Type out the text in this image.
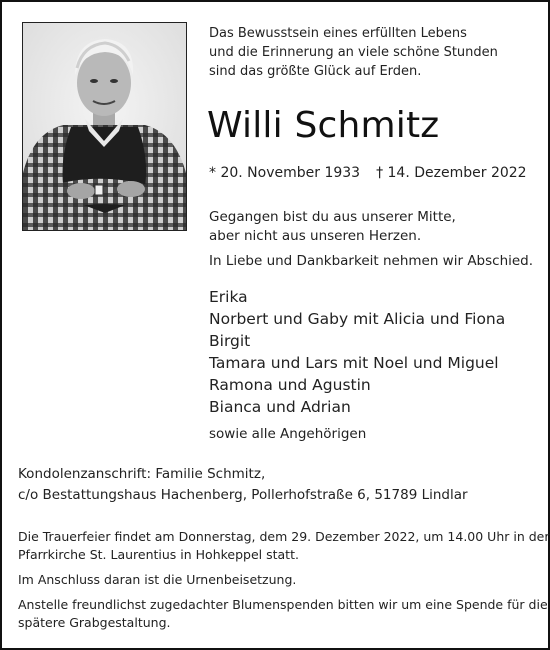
Das Bewusstsein eines erfüllten Lebens
und die Erinnerung an viele schöne Stunden
sind das größte Glück auf Erden.
Willi Schmitz
* 20. November 1933 † 14. Dezember 2022
Gegangen bist du aus unserer Mitte,
aber nicht aus unseren Herzen.
In Liebe und Dankbarkeit nehmen wir Abschied.
Erika
Norbert und Gaby mit Alicia und Fiona
Birgit
Tamara und Lars mit Noel und Miguel
Ramona und Agustin
Bianca und Adrian
sowie alle Angehörigen
Kondolenzanschrift: Familie Schmitz,
c/o Bestattungshaus Hachenberg, Pollerhofstraße 6, 51789 Lindlar
Die Trauerfeier findet am Donnerstag, dem 29. Dezember 2022, um 14.00 Uhr in der
Pfarrkirche St. Laurentius in Hohkeppel statt.
Im Anschluss daran ist die Urnenbeisetzung.
Anstelle freundlichst zugedachter Blumenspenden bitten wir um eine Spende für die
spätere Grabgestaltung.
